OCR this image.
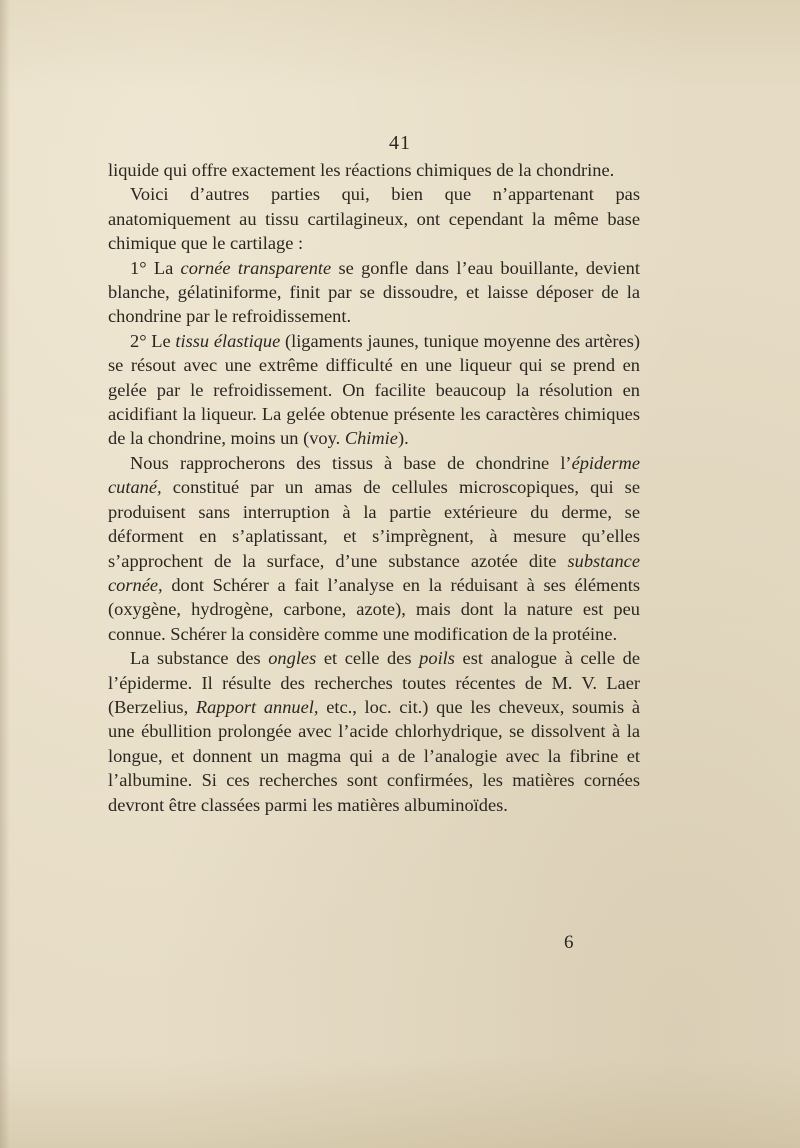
41

liquide qui offre exactement les réactions chimiques de la chondrine.

Voici d’autres parties qui, bien que n’appartenant pas anatomiquement au tissu cartilagineux, ont cependant la même base chimique que le cartilage :

1° La cornée transparente se gonfle dans l’eau bouillante, devient blanche, gélatiniforme, finit par se dissoudre, et laisse déposer de la chondrine par le refroidissement.

2° Le tissu élastique (ligaments jaunes, tunique moyenne des artères) se résout avec une extrême difficulté en une liqueur qui se prend en gelée par le refroidissement. On facilite beaucoup la résolution en acidifiant la liqueur. La gelée obtenue présente les caractères chimiques de la chondrine, moins un (voy. Chimie).

Nous rapprocherons des tissus à base de chondrine l’épiderme cutané, constitué par un amas de cellules microscopiques, qui se produisent sans interruption à la partie extérieure du derme, se déforment en s’aplatissant, et s’imprègnent, à mesure qu’elles s’approchent de la surface, d’une substance azotée dite substance cornée, dont Schérer a fait l’analyse en la réduisant à ses éléments (oxygène, hydrogène, carbone, azote), mais dont la nature est peu connue. Schérer la considère comme une modification de la protéine.

La substance des ongles et celle des poils est analogue à celle de l’épiderme. Il résulte des recherches toutes récentes de M. V. Laer (Berzelius, Rapport annuel, etc., loc. cit.) que les cheveux, soumis à une ébullition prolongée avec l’acide chlorhydrique, se dissolvent à la longue, et donnent un magma qui a de l’analogie avec la fibrine et l’albumine. Si ces recherches sont confirmées, les matières cornées devront être classées parmi les matières albuminoïdes.

6
